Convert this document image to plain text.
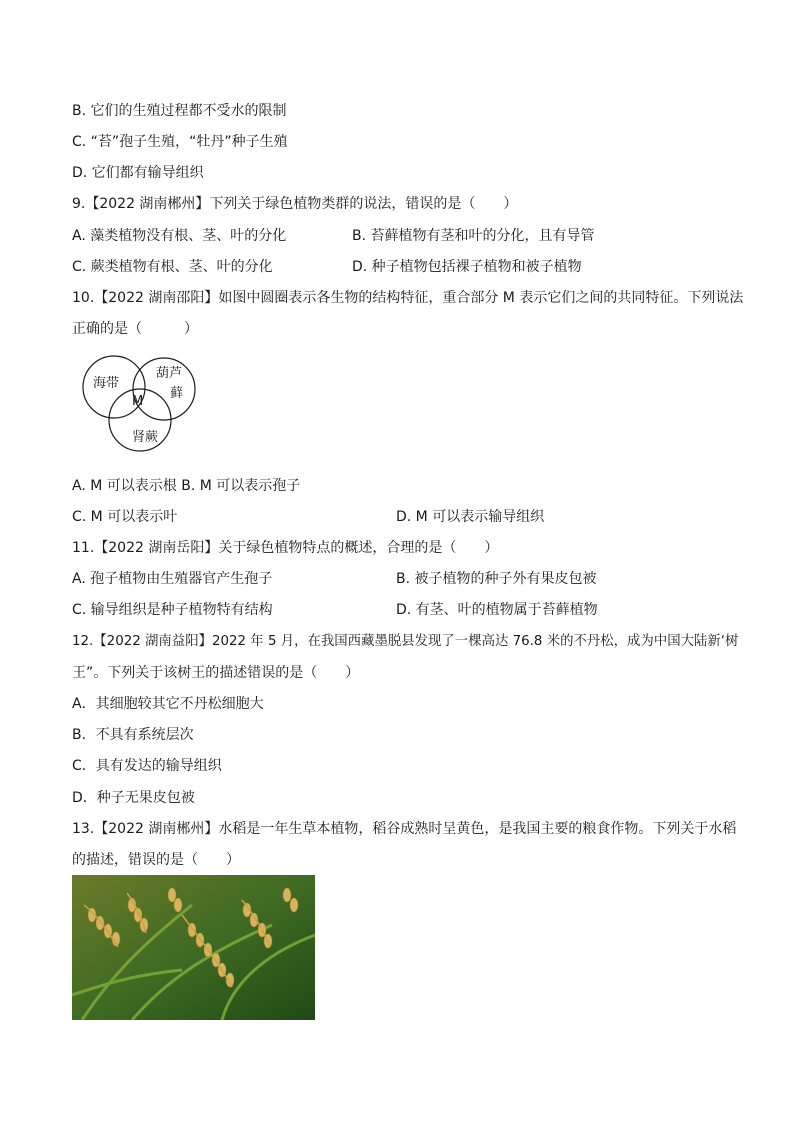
B. 它们的生殖过程都不受水的限制
C. “苔”孢子生殖，“牡丹”种子生殖
D. 它们都有输导组织
9.【2022 湖南郴州】下列关于绿色植物类群的说法，错误的是（　　）
A. 藻类植物没有根、茎、叶的分化	B. 苔藓植物有茎和叶的分化，且有导管
C. 蕨类植物有根、茎、叶的分化	D. 种子植物包括裸子植物和被子植物
10.【2022 湖南邵阳】如图中圆圈表示各生物的结构特征，重合部分 M 表示它们之间的共同特征。下列说法
正确的是（　　　）
海带
葫芦
藓
M
肾蕨
A. M 可以表示根 B. M 可以表示孢子
C. M 可以表示叶	D. M 可以表示输导组织
11.【2022 湖南岳阳】关于绿色植物特点的概述，合理的是（　　）
A. 孢子植物由生殖器官产生孢子	B. 被子植物的种子外有果皮包被
C. 输导组织是种子植物特有结构	D. 有茎、叶的植物属于苔藓植物
12.【2022 湖南益阳】2022 年 5 月，在我国西藏墨脱县发现了一棵高达 76.8 米的不丹松，成为中国大陆新‘树
王”。下列关于该树王的描述错误的是（　　）
A．其细胞较其它不丹松细胞大
B．不具有系统层次
C．具有发达的输导组织
D．种子无果皮包被
13.【2022 湖南郴州】水稻是一年生草本植物，稻谷成熟时呈黄色，是我国主要的粮食作物。下列关于水稻
的描述，错误的是（　　）
